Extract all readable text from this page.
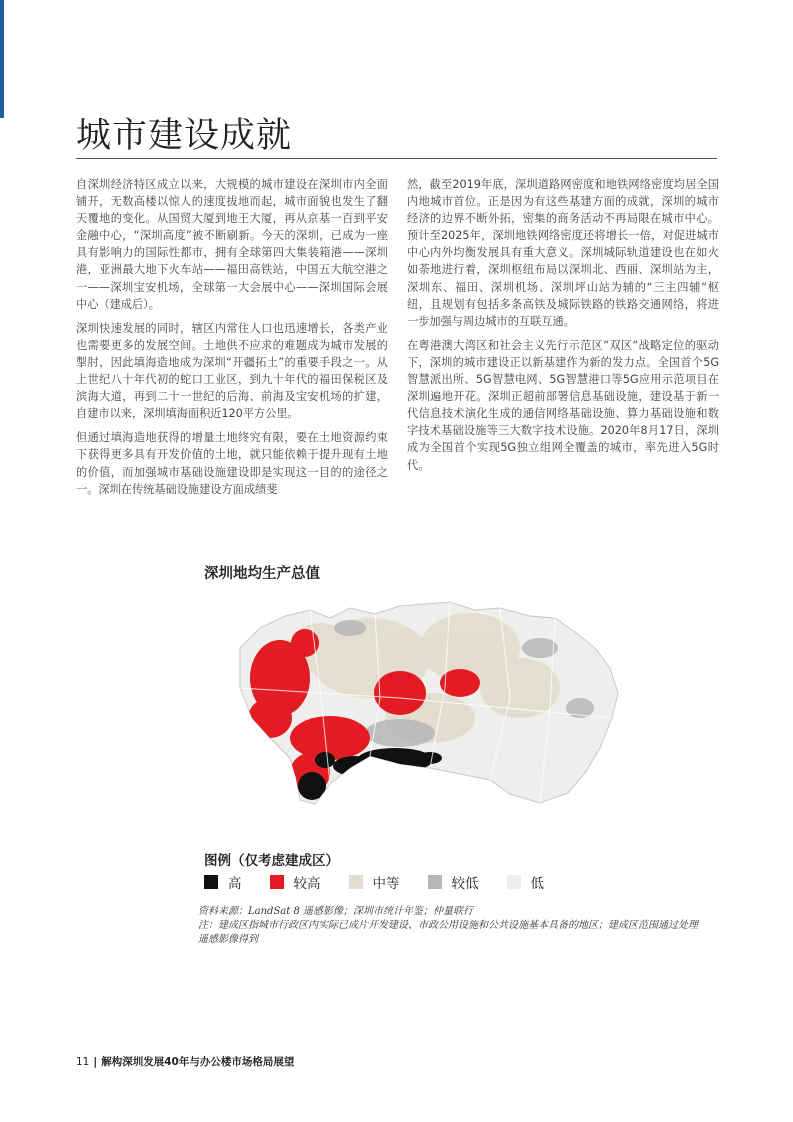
城市建设成就

自深圳经济特区成立以来，大规模的城市建设在深圳市内全面铺开，无数高楼以惊人的速度拔地而起，城市面貌也发生了翻天覆地的变化。从国贸大厦到地王大厦，再从京基一百到平安金融中心，“深圳高度”被不断刷新。今天的深圳，已成为一座具有影响力的国际性都市，拥有全球第四大集装箱港——深圳港，亚洲最大地下火车站——福田高铁站，中国五大航空港之一——深圳宝安机场，全球第一大会展中心——深圳国际会展中心（建成后）。

深圳快速发展的同时，辖区内常住人口也迅速增长，各类产业也需要更多的发展空间。土地供不应求的难题成为城市发展的掣肘，因此填海造地成为深圳“开疆拓土”的重要手段之一。从上世纪八十年代初的蛇口工业区，到九十年代的福田保税区及滨海大道，再到二十一世纪的后海、前海及宝安机场的扩建，自建市以来，深圳填海面积近120平方公里。

但通过填海造地获得的增量土地终究有限，要在土地资源约束下获得更多具有开发价值的土地，就只能依赖于提升现有土地的价值，而加强城市基础设施建设即是实现这一目的的途径之一。深圳在传统基础设施建设方面成绩斐

然，截至2019年底，深圳道路网密度和地铁网络密度均居全国内地城市首位。正是因为有这些基建方面的成就，深圳的城市经济的边界不断外拓，密集的商务活动不再局限在城市中心。预计至2025年，深圳地铁网络密度还将增长一倍，对促进城市中心内外均衡发展具有重大意义。深圳城际轨道建设也在如火如荼地进行着，深圳枢纽布局以深圳北、西丽、深圳站为主，深圳东、福田、深圳机场、深圳坪山站为辅的“三主四辅“枢纽，且规划有包括多条高铁及城际铁路的铁路交通网络，将进一步加强与周边城市的互联互通。

在粤港澳大湾区和社会主义先行示范区“双区“战略定位的驱动下，深圳的城市建设正以新基建作为新的发力点。全国首个5G智慧派出所、5G智慧电网、5G智慧港口等5G应用示范项目在深圳遍地开花。深圳正超前部署信息基础设施，建设基于新一代信息技术演化生成的通信网络基础设施、算力基础设施和数字技术基础设施等三大数字技术设施。2020年8月17日，深圳成为全国首个实现5G独立组网全覆盖的城市，率先进入5G时代。

深圳地均生产总值
图例（仅考虑建成区）
高	较高	中等	较低	低
资料来源：LandSat 8 遥感影像；深圳市统计年鉴；仲量联行
注：建成区指城市行政区内实际已成片开发建设、市政公用设施和公共设施基本具备的地区；建成区范围通过处理遥感影像得到
11 | 解构深圳发展40年与办公楼市场格局展望
